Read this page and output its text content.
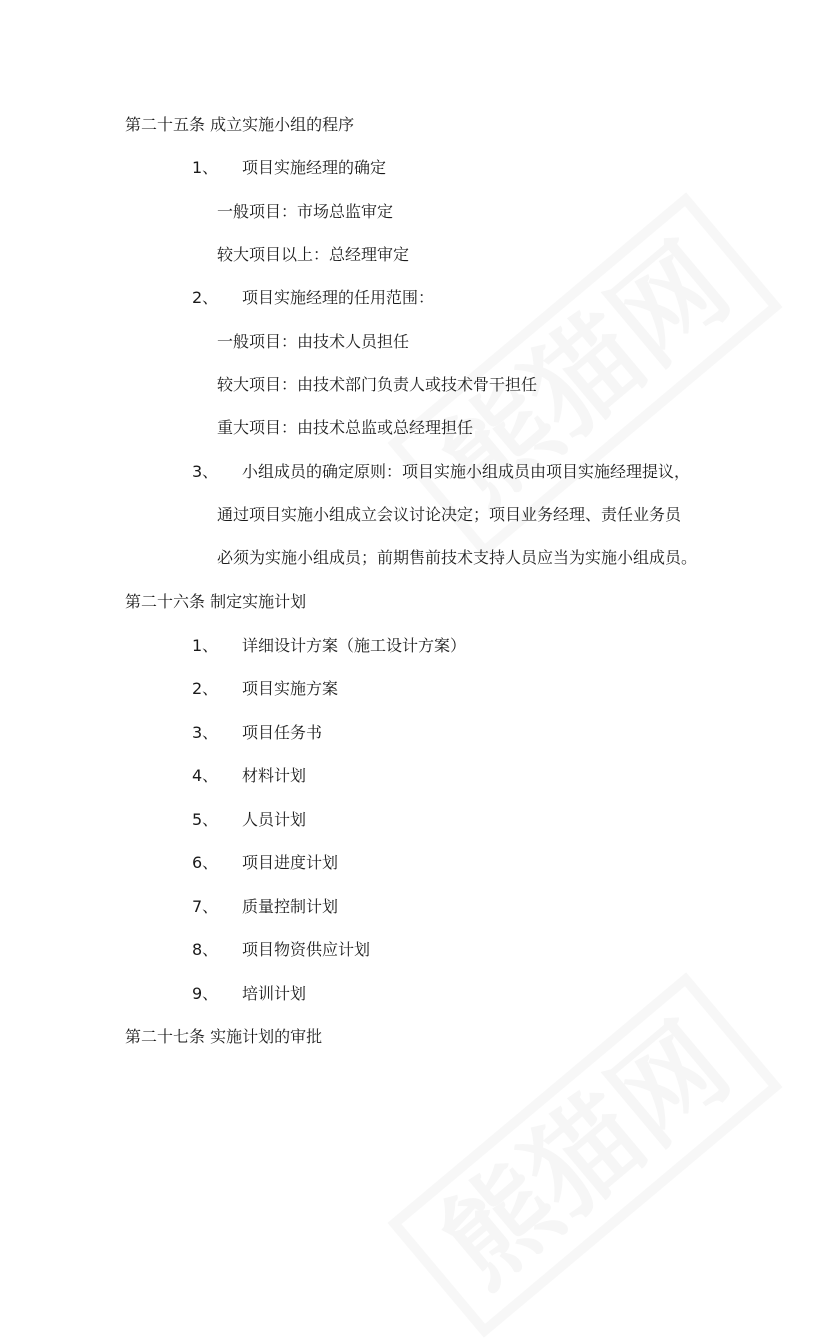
第二十五条 成立实施小组的程序
1、 项目实施经理的确定
一般项目：市场总监审定
较大项目以上：总经理审定
2、 项目实施经理的任用范围：
一般项目：由技术人员担任
较大项目：由技术部门负责人或技术骨干担任
重大项目：由技术总监或总经理担任
3、 小组成员的确定原则：项目实施小组成员由项目实施经理提议，
通过项目实施小组成立会议讨论决定；项目业务经理、责任业务员
必须为实施小组成员；前期售前技术支持人员应当为实施小组成员。
第二十六条 制定实施计划
1、 详细设计方案（施工设计方案）
2、 项目实施方案
3、 项目任务书
4、 材料计划
5、 人员计划
6、 项目进度计划
7、 质量控制计划
8、 项目物资供应计划
9、 培训计划
第二十七条 实施计划的审批
